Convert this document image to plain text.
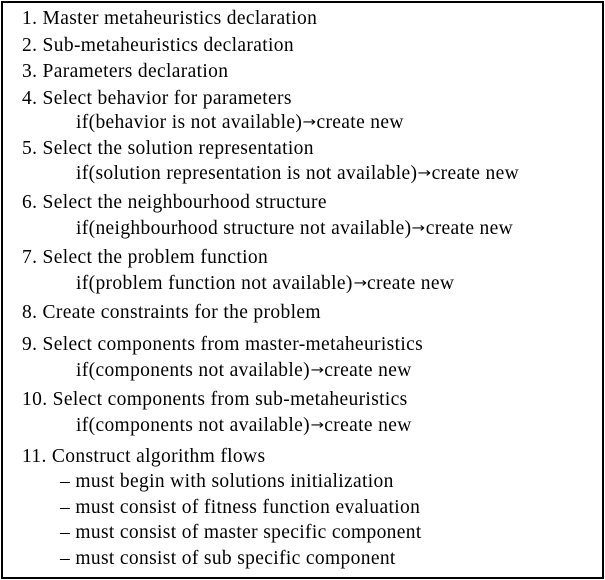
1. Master metaheuristics declaration
2. Sub-metaheuristics declaration
3. Parameters declaration
4. Select behavior for parameters
if(behavior is not available)→create new
5. Select the solution representation
if(solution representation is not available)→create new
6. Select the neighbourhood structure
if(neighbourhood structure not available)→create new
7. Select the problem function
if(problem function not available)→create new
8. Create constraints for the problem
9. Select components from master-metaheuristics
if(components not available)→create new
10. Select components from sub-metaheuristics
if(components not available)→create new
11. Construct algorithm flows
– must begin with solutions initialization
– must consist of fitness function evaluation
– must consist of master specific component
– must consist of sub specific component
